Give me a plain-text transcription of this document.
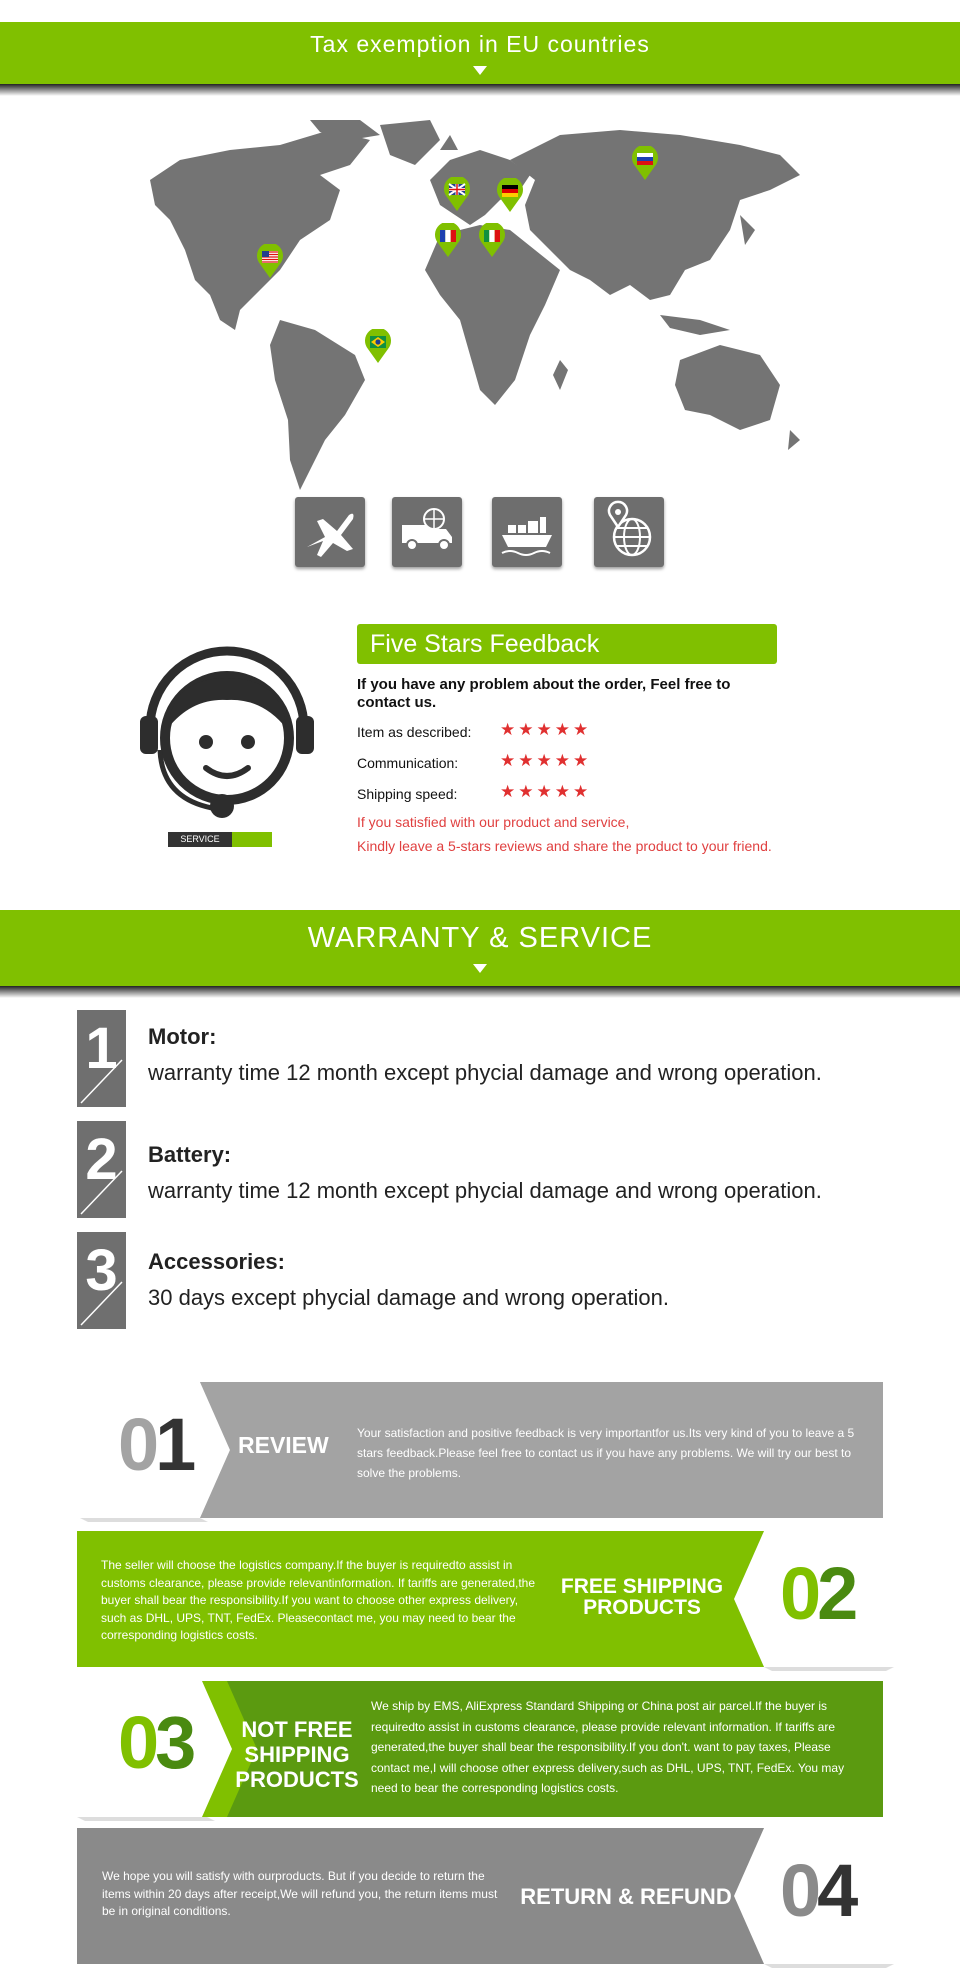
Tax exemption in EU countries
SERVICE
Five Stars Feedback
If you have any problem about the order, Feel free to contact us.
Item as described: ★★★★★
Communication: ★★★★★
Shipping speed:	★★★★★
If you satisfied with our product and service,
Kindly leave a 5-stars reviews and share the product to your friend.
WARRANTY & SERVICE
1	Motor:
warranty time 12 month except phycial damage and wrong operation.
2	Battery:
warranty time 12 month except phycial damage and wrong operation.
3	Accessories:
30 days except phycial damage and wrong operation.
01 REVIEW Your satisfaction and positive feedback is very importantfor us.Its very kind of you to leave a 5 stars feedback.Please feel free to contact us if you have any problems. We will try our best to solve the problems.
02
FREE SHIPPING
PRODUCTS
The seller will choose the logistics company.If the buyer is requiredto assist in customs clearance, please provide relevantinformation. If tariffs are generated,the buyer shall bear the responsibility.If you want to choose other express delivery, such as DHL, UPS, TNT, FedEx. Pleasecontact me, you may need to bear the corresponding logistics costs.
03	NOT FREE
SHIPPING
PRODUCTS
We ship by EMS, AliExpress Standard Shipping or China post air parcel.If the buyer is requiredto assist in customs clearance, please provide relevant information. If tariffs are generated,the buyer shall bear the responsibility.If you don't. want to pay taxes, Please contact me,I will choose other express delivery,such as DHL, UPS, TNT, FedEx. You may need to bear the corresponding logistics costs.
04
RETURN & REFUND
We hope you will satisfy with ourproducts. But if you decide to return the items within 20 days after receipt,We will refund you, the return items must be in original conditions.
